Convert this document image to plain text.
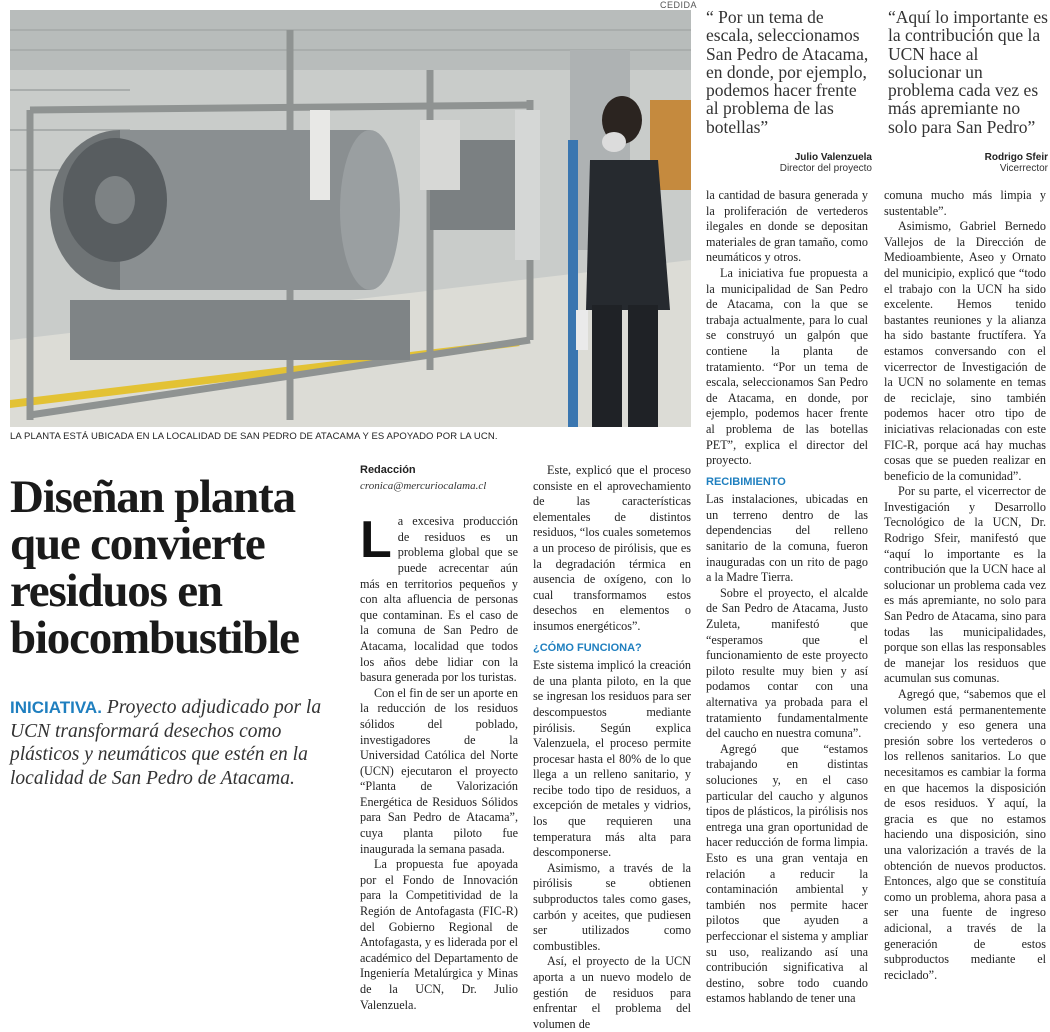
CEDIDA
LA PLANTA ESTÁ UBICADA EN LA LOCALIDAD DE SAN PEDRO DE ATACAMA Y ES APOYADO POR LA UCN.

“ Por un tema de escala, seleccionamos San Pedro de Atacama, en donde, por ejemplo, podemos hacer frente al problema de las botellas”

Julio Valenzuela
Director del proyecto

“Aquí lo importante es la contribución que la UCN hace al solucionar un problema cada vez es más apremiante no solo para San Pedro”

Rodrigo Sfeir
Vicerrector
Diseñan planta que convierte residuos en biocombustible

INICIATIVA. Proyecto adjudicado por la UCN transformará desechos como plásticos y neumáticos que estén en la localidad de San Pedro de Atacama.

Redacción
cronica@mercuriocalama.cl

La excesiva producción de residuos es un problema global que se puede acrecentar aún más en territorios pequeños y con alta afluencia de personas que contaminan. Es el caso de la comuna de San Pedro de Atacama, localidad que todos los años debe lidiar con la basura generada por los turistas.

Con el fin de ser un aporte en la reducción de los residuos sólidos del poblado, investigadores de la Universidad Católica del Norte (UCN) ejecutaron el proyecto “Planta de Valorización Energética de Residuos Sólidos para San Pedro de Atacama”, cuya planta piloto fue inaugurada la semana pasada.

La propuesta fue apoyada por el Fondo de Innovación para la Competitividad de la Región de Antofagasta (FIC-R) del Gobierno Regional de Antofagasta, y es liderada por el académico del Departamento de Ingeniería Metalúrgica y Minas de la UCN, Dr. Julio Valenzuela.

Este, explicó que el proceso consiste en el aprovechamiento de las características elementales de distintos residuos, “los cuales sometemos a un proceso de pirólisis, que es la degradación térmica en ausencia de oxígeno, con lo cual transformamos estos desechos en elementos o insumos energéticos”.

¿CÓMO FUNCIONA?

Este sistema implicó la creación de una planta piloto, en la que se ingresan los residuos para ser descompuestos mediante pirólisis. Según explica Valenzuela, el proceso permite procesar hasta el 80% de lo que llega a un relleno sanitario, y recibe todo tipo de residuos, a excepción de metales y vidrios, los que requieren una temperatura más alta para descomponerse.

Asimismo, a través de la pirólisis se obtienen subproductos tales como gases, carbón y aceites, que pudiesen ser utilizados como combustibles.

Así, el proyecto de la UCN aporta a un nuevo modelo de gestión de residuos para enfrentar el problema del volumen de

la cantidad de basura generada y la proliferación de vertederos ilegales en donde se depositan materiales de gran tamaño, como neumáticos y otros.

La iniciativa fue propuesta a la municipalidad de San Pedro de Atacama, con la que se trabaja actualmente, para lo cual se construyó un galpón que contiene la planta de tratamiento. “Por un tema de escala, seleccionamos San Pedro de Atacama, en donde, por ejemplo, podemos hacer frente al problema de las botellas PET”, explica el director del proyecto.

RECIBIMIENTO

Las instalaciones, ubicadas en un terreno dentro de las dependencias del relleno sanitario de la comuna, fueron inauguradas con un rito de pago a la Madre Tierra.

Sobre el proyecto, el alcalde de San Pedro de Atacama, Justo Zuleta, manifestó que “esperamos que el funcionamiento de este proyecto piloto resulte muy bien y así podamos contar con una alternativa ya probada para el tratamiento fundamentalmente del caucho en nuestra comuna”.

Agregó que “estamos trabajando en distintas soluciones y, en el caso particular del caucho y algunos tipos de plásticos, la pirólisis nos entrega una gran oportunidad de hacer reducción de forma limpia. Esto es una gran ventaja en relación a reducir la contaminación ambiental y también nos permite hacer pilotos que ayuden a perfeccionar el sistema y ampliar su uso, realizando así una contribución significativa al destino, sobre todo cuando estamos hablando de tener una

comuna mucho más limpia y sustentable”.

Asimismo, Gabriel Bernedo Vallejos de la Dirección de Medioambiente, Aseo y Ornato del municipio, explicó que “todo el trabajo con la UCN ha sido excelente. Hemos tenido bastantes reuniones y la alianza ha sido bastante fructífera. Ya estamos conversando con el vicerrector de Investigación de la UCN no solamente en temas de reciclaje, sino también podemos hacer otro tipo de iniciativas relacionadas con este FIC-R, porque acá hay muchas cosas que se pueden realizar en beneficio de la comunidad”.

Por su parte, el vicerrector de Investigación y Desarrollo Tecnológico de la UCN, Dr. Rodrigo Sfeir, manifestó que “aquí lo importante es la contribución que la UCN hace al solucionar un problema cada vez es más apremiante, no solo para San Pedro de Atacama, sino para todas las municipalidades, porque son ellas las responsables de manejar los residuos que acumulan sus comunas.

Agregó que, “sabemos que el volumen está permanentemente creciendo y eso genera una presión sobre los vertederos o los rellenos sanitarios. Lo que necesitamos es cambiar la forma en que hacemos la disposición de esos residuos. Y aquí, la gracia es que no estamos haciendo una disposición, sino una valorización a través de la obtención de nuevos productos. Entonces, algo que se constituía como un problema, ahora pasa a ser una fuente de ingreso adicional, a través de la generación de estos subproductos mediante el reciclado”.
